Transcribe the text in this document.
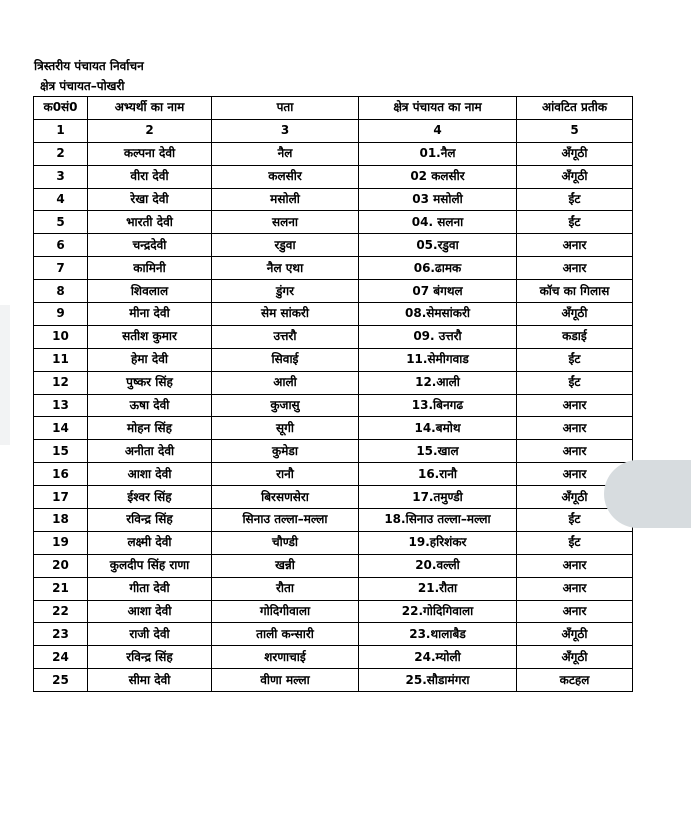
त्रिस्तरीय पंचायत निर्वाचन
क्षेत्र पंचायत–पोखरी
क0सं0	अभ्यर्थी का नाम	पता	क्षेत्र पंचायत का नाम	आंवटित प्रतीक
1	2	3	4	5
2	कल्पना देवी	नैल	01.नैल	अँगूठी
3	वीरा देवी	कलसीर	02 कलसीर	अँगूठी
4	रेखा देवी	मसोली	03 मसोली	ईंट
5	भारती देवी	सलना	04. सलना	ईंट
6	चन्द्रदेवी	रडुवा	05.रडुवा	अनार
7	कामिनी	नैल एथा	06.ढामक	अनार
8	शिवलाल	डुंगर	07 बंगथल	कॉच का गिलास
9	मीना देवी	सेम सांकरी	08.सेमसांकरी	अँगूठी
10	सतीश कुमार	उत्तरौ	09. उत्तरौ	कडाई
11	हेमा देवी	सिवाई	11.सेमीगवाड	ईंट
12	पुष्कर सिंह	आली	12.आली	ईंट
13	ऊषा देवी	कुजासु	13.बिनगढ	अनार
14	मोहन सिंह	सूगी	14.बमोथ	अनार
15	अनीता देवी	कुमेडा	15.खाल	अनार
16	आशा देवी	रानौ	16.रानौ	अनार
17	ईश्वर सिंह	बिरसणसेरा	17.तमुण्डी	अँगूठी
18	रविन्द्र सिंह	सिनाउ तल्ला–मल्ला	18.सिनाउ तल्ला–मल्ला	ईंट
19	लक्ष्मी देवी	चौण्डी	19.हरिशंकर	ईंट
20	कुलदीप सिंह राणा	खन्नी	20.वल्ली	अनार
21	गीता देवी	रौता	21.रौता	अनार
22	आशा देवी	गोदिगीवाला	22.गोदिगिवाला	अनार
23	राजी देवी	ताली कन्सारी	23.थालाबैड	अँगूठी
24	रविन्द्र सिंह	शरणाचाई	24.म्योली	अँगूठी
25	सीमा देवी	वीणा मल्ला	25.सौडामंगरा	कटहल
